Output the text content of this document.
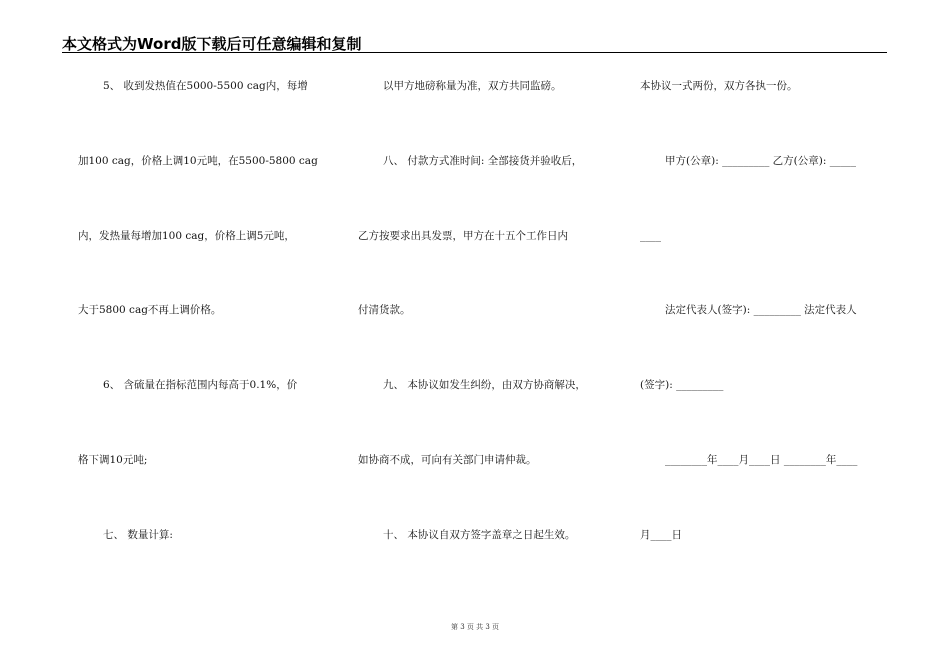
本文格式为Word版下载后可任意编辑和复制
5、 收到发热值在5000-5500 cag内，每增
加100 cag，价格上调10元吨，在5500-5800 cag
内，发热量每增加100 cag，价格上调5元吨，
大于5800 cag不再上调价格。
6、 含硫量在指标范围内每高于0.1%，价
格下调10元吨;
七、 数量计算:
以甲方地磅称量为准，双方共同监磅。
八、 付款方式准时间: 全部接货并验收后，
乙方按要求出具发票，甲方在十五个工作日内
付清货款。
九、 本协议如发生纠纷，由双方协商解决，
如协商不成，可向有关部门申请仲裁。
十、 本协议自双方签字盖章之日起生效。
本协议一式两份，双方各执一份。
甲方(公章): _________ 乙方(公章): _____
____
法定代表人(签字): _________ 法定代表人
(签字): _________
________年____月____日 ________年____
月____日
第 3 页 共 3 页
